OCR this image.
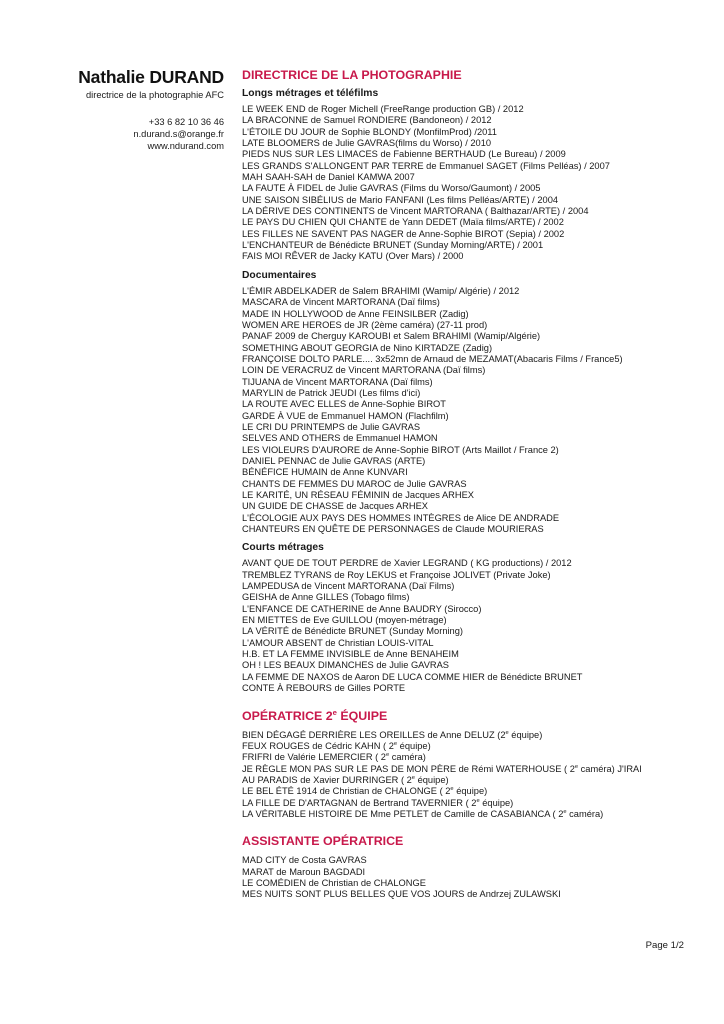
Nathalie DURAND
directrice de la photographie AFC
+33 6 82 10 36 46
n.durand.s@orange.fr
www.ndurand.com
DIRECTRICE DE LA PHOTOGRAPHIE
Longs métrages et téléfilms
LE WEEK END de Roger Michell (FreeRange production GB) / 2012
LA BRACONNE de Samuel RONDIERE (Bandoneon) / 2012
L'ÉTOILE DU JOUR de Sophie BLONDY (MonfilmProd) /2011
LATE BLOOMERS de Julie GAVRAS(films du Worso) / 2010
PIEDS NUS SUR LES LIMACES de Fabienne BERTHAUD (Le Bureau) / 2009
LES GRANDS S'ALLONGENT PAR TERRE de Emmanuel SAGET (Films Pelléas) / 2007
MAH SAAH-SAH de Daniel KAMWA 2007
LA FAUTE À FIDEL de Julie GAVRAS (Films du Worso/Gaumont) / 2005
UNE SAISON SIBÉLIUS de Mario FANFANI (Les films Pelléas/ARTE) / 2004
LA DÉRIVE DES CONTINENTS de Vincent MARTORANA ( Balthazar/ARTE) / 2004
LE PAYS DU CHIEN QUI CHANTE de Yann DEDET (Maïa films/ARTE) / 2002
LES FILLES NE SAVENT PAS NAGER de Anne-Sophie BIROT (Sepia) / 2002
L'ENCHANTEUR de Bénédicte BRUNET (Sunday Morning/ARTE) / 2001
FAIS MOI RÊVER de Jacky KATU (Over Mars) / 2000
Documentaires
L'ÉMIR ABDELKADER de Salem BRAHIMI (Wamip/ Algérie) / 2012
MASCARA de Vincent MARTORANA (Daï films)
MADE IN HOLLYWOOD de Anne FEINSILBER (Zadig)
WOMEN ARE HEROES de JR (2ème caméra) (27-11 prod)
PANAF 2009 de Cherguy KAROUBI et Salem BRAHIMI (Wamip/Algérie)
SOMETHING ABOUT GEORGIA de Nino KIRTADZE (Zadig)
FRANÇOISE DOLTO PARLE.... 3x52mn de Arnaud de MEZAMAT(Abacaris Films / France5)
LOIN DE VERACRUZ de Vincent MARTORANA (Daï films)
TIJUANA de Vincent MARTORANA (Daï films)
MARYLIN de Patrick JEUDI (Les films d'ici)
LA ROUTE AVEC ELLES de Anne-Sophie BIROT
GARDE À VUE de Emmanuel HAMON (Flachfilm)
LE CRI DU PRINTEMPS de Julie GAVRAS
SELVES AND OTHERS de Emmanuel HAMON
LES VIOLEURS D'AURORE de Anne-Sophie BIROT (Arts Maillot / France 2)
DANIEL PENNAC de Julie GAVRAS (ARTE)
BÉNÉFICE HUMAIN de Anne KUNVARI
CHANTS DE FEMMES DU MAROC de Julie GAVRAS
LE KARITÉ, UN RÉSEAU FÉMININ de Jacques ARHEX
UN GUIDE DE CHASSE de Jacques ARHEX
L'ÉCOLOGIE AUX PAYS DES HOMMES INTÈGRES de Alice DE ANDRADE
CHANTEURS EN QUÊTE DE PERSONNAGES de Claude MOURIERAS
Courts métrages
AVANT QUE DE TOUT PERDRE de Xavier LEGRAND ( KG productions) / 2012
TREMBLEZ TYRANS de Roy LEKUS et Françoise JOLIVET (Private Joke)
LAMPEDUSA de Vincent MARTORANA (Daï Films)
GEISHA de Anne GILLES (Tobago films)
L'ENFANCE DE CATHERINE de Anne BAUDRY (Sirocco)
EN MIETTES de Eve GUILLOU (moyen-métrage)
LA VÉRITÉ de Bénédicte BRUNET (Sunday Morning)
L'AMOUR ABSENT de Christian LOUIS-VITAL
H.B. ET LA FEMME INVISIBLE de Anne BENAHEIM
OH ! LES BEAUX DIMANCHES de Julie GAVRAS
LA FEMME DE NAXOS de Aaron DE LUCA COMME HIER de Bénédicte BRUNET
CONTE À REBOURS de Gilles PORTE
OPÉRATRICE 2e ÉQUIPE
BIEN DÉGAGÉ DERRIÈRE LES OREILLES de Anne DELUZ (2e équipe)
FEUX ROUGES de Cédric KAHN ( 2e équipe)
FRIFRI de Valérie LEMERCIER ( 2e caméra)
JE RÈGLE MON PAS SUR LE PAS DE MON PÈRE de Rémi WATERHOUSE ( 2e caméra) J'IRAI
AU PARADIS de Xavier DURRINGER ( 2e équipe)
LE BEL ÉTÉ 1914 de Christian de CHALONGE ( 2e équipe)
LA FILLE DE D'ARTAGNAN de Bertrand TAVERNIER ( 2e équipe)
LA VÉRITABLE HISTOIRE DE Mme PETLET de Camille de CASABIANCA ( 2e caméra)
ASSISTANTE OPÉRATRICE
MAD CITY de Costa GAVRAS
MARAT de Maroun BAGDADI
LE COMÉDIEN de Christian de CHALONGE
MES NUITS SONT PLUS BELLES QUE VOS JOURS de Andrzej ZULAWSKI
Page 1/2
